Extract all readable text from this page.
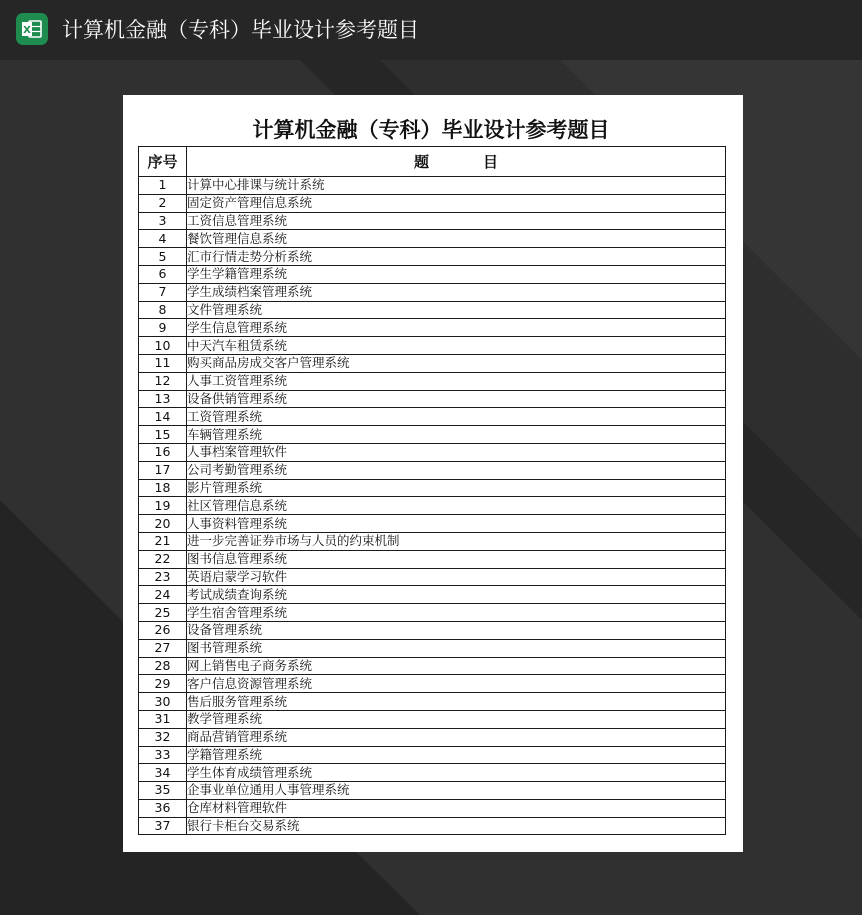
X 计算机金融（专科）毕业设计参考题目
计算机金融（专科）毕业设计参考题目
序号	题目
1	计算中心排课与统计系统
2	固定资产管理信息系统
3	工资信息管理系统
4	餐饮管理信息系统
5	汇市行情走势分析系统
6	学生学籍管理系统
7	学生成绩档案管理系统
8	文件管理系统
9	学生信息管理系统
10	中天汽车租赁系统
11	购买商品房成交客户管理系统
12	人事工资管理系统
13	设备供销管理系统
14	工资管理系统
15	车辆管理系统
16	人事档案管理软件
17	公司考勤管理系统
18	影片管理系统
19	社区管理信息系统
20	人事资料管理系统
21	进一步完善证券市场与人员的约束机制
22	图书信息管理系统
23	英语启蒙学习软件
24	考试成绩查询系统
25	学生宿舍管理系统
26	设备管理系统
27	图书管理系统
28	网上销售电子商务系统
29	客户信息资源管理系统
30	售后服务管理系统
31	教学管理系统
32	商品营销管理系统
33	学籍管理系统
34	学生体育成绩管理系统
35	企事业单位通用人事管理系统
36	仓库材料管理软件
37	银行卡柜台交易系统
